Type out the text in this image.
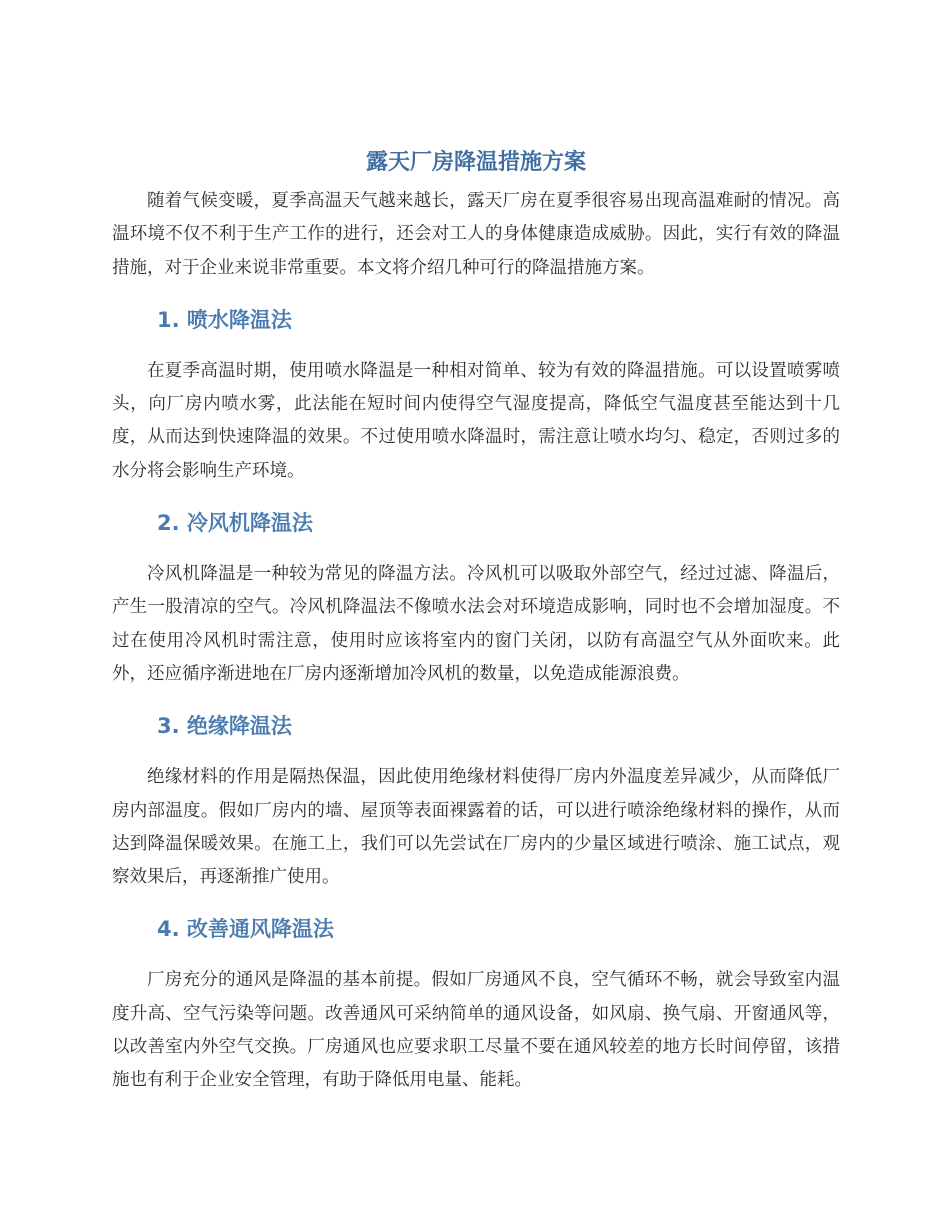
露天厂房降温措施方案

随着气候变暖，夏季高温天气越来越长，露天厂房在夏季很容易出现高温难耐的情况。高温环境不仅不利于生产工作的进行，还会对工人的身体健康造成威胁。因此，实行有效的降温措施，对于企业来说非常重要。本文将介绍几种可行的降温措施方案。

1. 喷水降温法

在夏季高温时期，使用喷水降温是一种相对简单、较为有效的降温措施。可以设置喷雾喷头，向厂房内喷水雾，此法能在短时间内使得空气湿度提高，降低空气温度甚至能达到十几度，从而达到快速降温的效果。不过使用喷水降温时，需注意让喷水均匀、稳定，否则过多的水分将会影响生产环境。

2. 冷风机降温法

冷风机降温是一种较为常见的降温方法。冷风机可以吸取外部空气，经过过滤、降温后，产生一股清凉的空气。冷风机降温法不像喷水法会对环境造成影响，同时也不会增加湿度。不过在使用冷风机时需注意，使用时应该将室内的窗门关闭，以防有高温空气从外面吹来。此外，还应循序渐进地在厂房内逐渐增加冷风机的数量，以免造成能源浪费。

3. 绝缘降温法

绝缘材料的作用是隔热保温，因此使用绝缘材料使得厂房内外温度差异减少，从而降低厂房内部温度。假如厂房内的墙、屋顶等表面裸露着的话，可以进行喷涂绝缘材料的操作，从而达到降温保暖效果。在施工上，我们可以先尝试在厂房内的少量区域进行喷涂、施工试点，观察效果后，再逐渐推广使用。

4. 改善通风降温法

厂房充分的通风是降温的基本前提。假如厂房通风不良，空气循环不畅，就会导致室内温度升高、空气污染等问题。改善通风可采纳简单的通风设备，如风扇、换气扇、开窗通风等，以改善室内外空气交换。厂房通风也应要求职工尽量不要在通风较差的地方长时间停留，该措施也有利于企业安全管理，有助于降低用电量、能耗。
